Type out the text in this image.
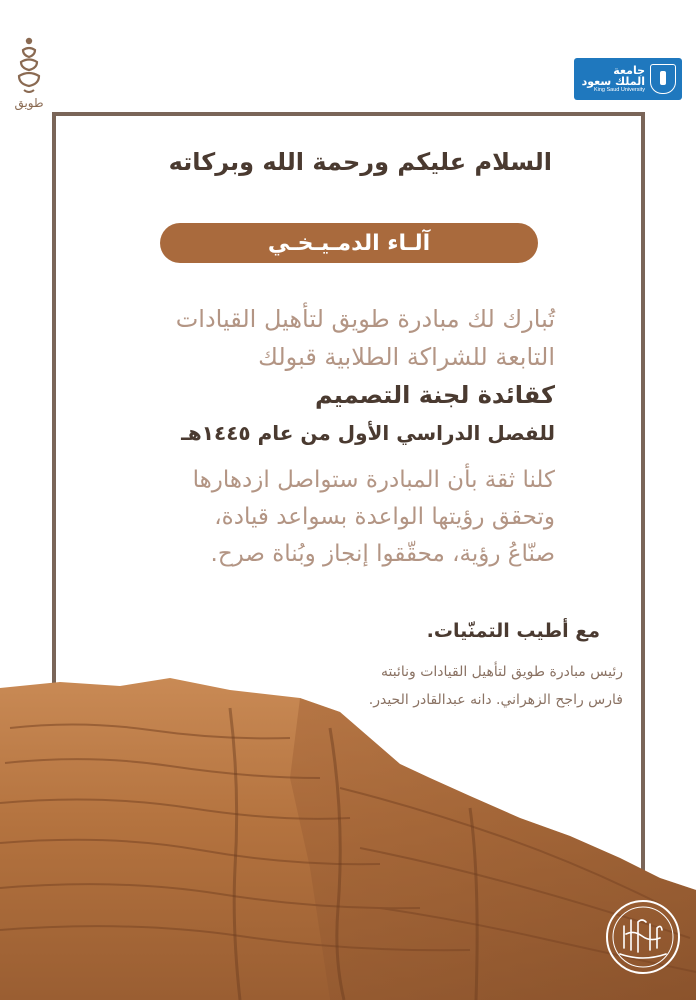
جامعة
الملك سعود
King Saud University
طويق
السلام عليكم ورحمة الله وبركاته
آلـاء الدمـيـخـي
تُبارك لك مبادرة طويق لتأهيل القيادات
التابعة للشراكة الطلابية قبولك
كقائدة لجنة التصميم
للفصل الدراسي الأول من عام ١٤٤٥هـ
كلنا ثقة بأن المبادرة ستواصل ازدهارها
وتحقق رؤيتها الواعدة بسواعد قيادة،
صنّاعُ رؤية، محقّقوا إنجاز وبُناة صرح.
مع أطيب التمنّيات.
رئيس مبادرة طويق لتأهيل القيادات ونائبته
فارس راجح الزهراني. دانه عبدالقادر الحيدر.
